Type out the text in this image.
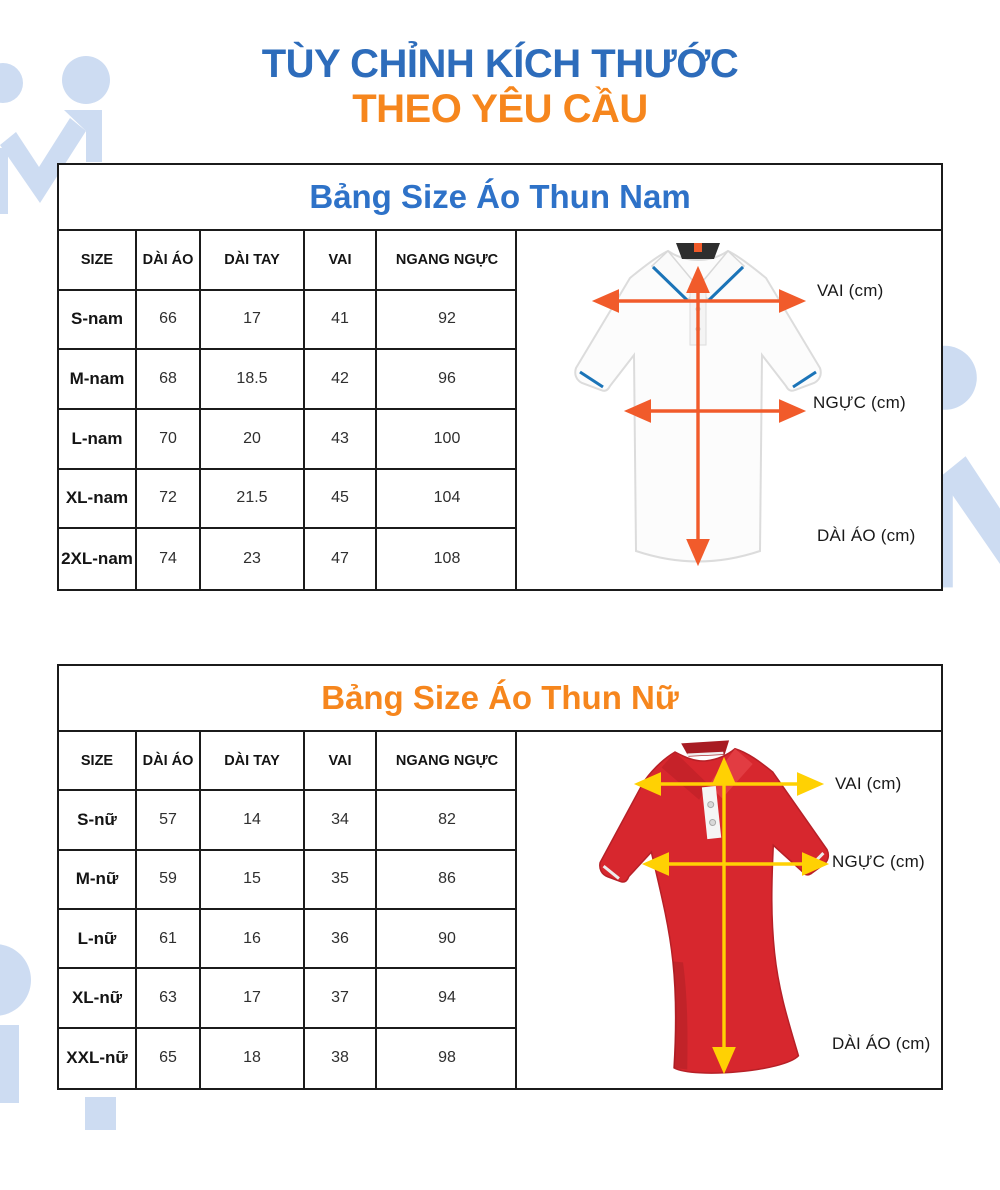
TÙY CHỈNH KÍCH THƯỚC
THEO YÊU CẦU
Bảng Size Áo Thun Nam
SIZE	DÀI ÁO	DÀI TAY	VAI	NGANG NGỰC
S-nam	66	17	41	92
M-nam	68	18.5	42	96
L-nam	70	20	43	100
XL-nam	72	21.5	45	104
2XL-nam	74	23	47	108
VAI (cm)
NGỰC (cm)
DÀI ÁO (cm)
Bảng Size Áo Thun Nữ
SIZE	DÀI ÁO	DÀI TAY	VAI	NGANG NGỰC
S-nữ	57	14	34	82
M-nữ	59	15	35	86
L-nữ	61	16	36	90
XL-nữ	63	17	37	94
XXL-nữ	65	18	38	98
VAI (cm)
NGỰC (cm)
DÀI ÁO (cm)
